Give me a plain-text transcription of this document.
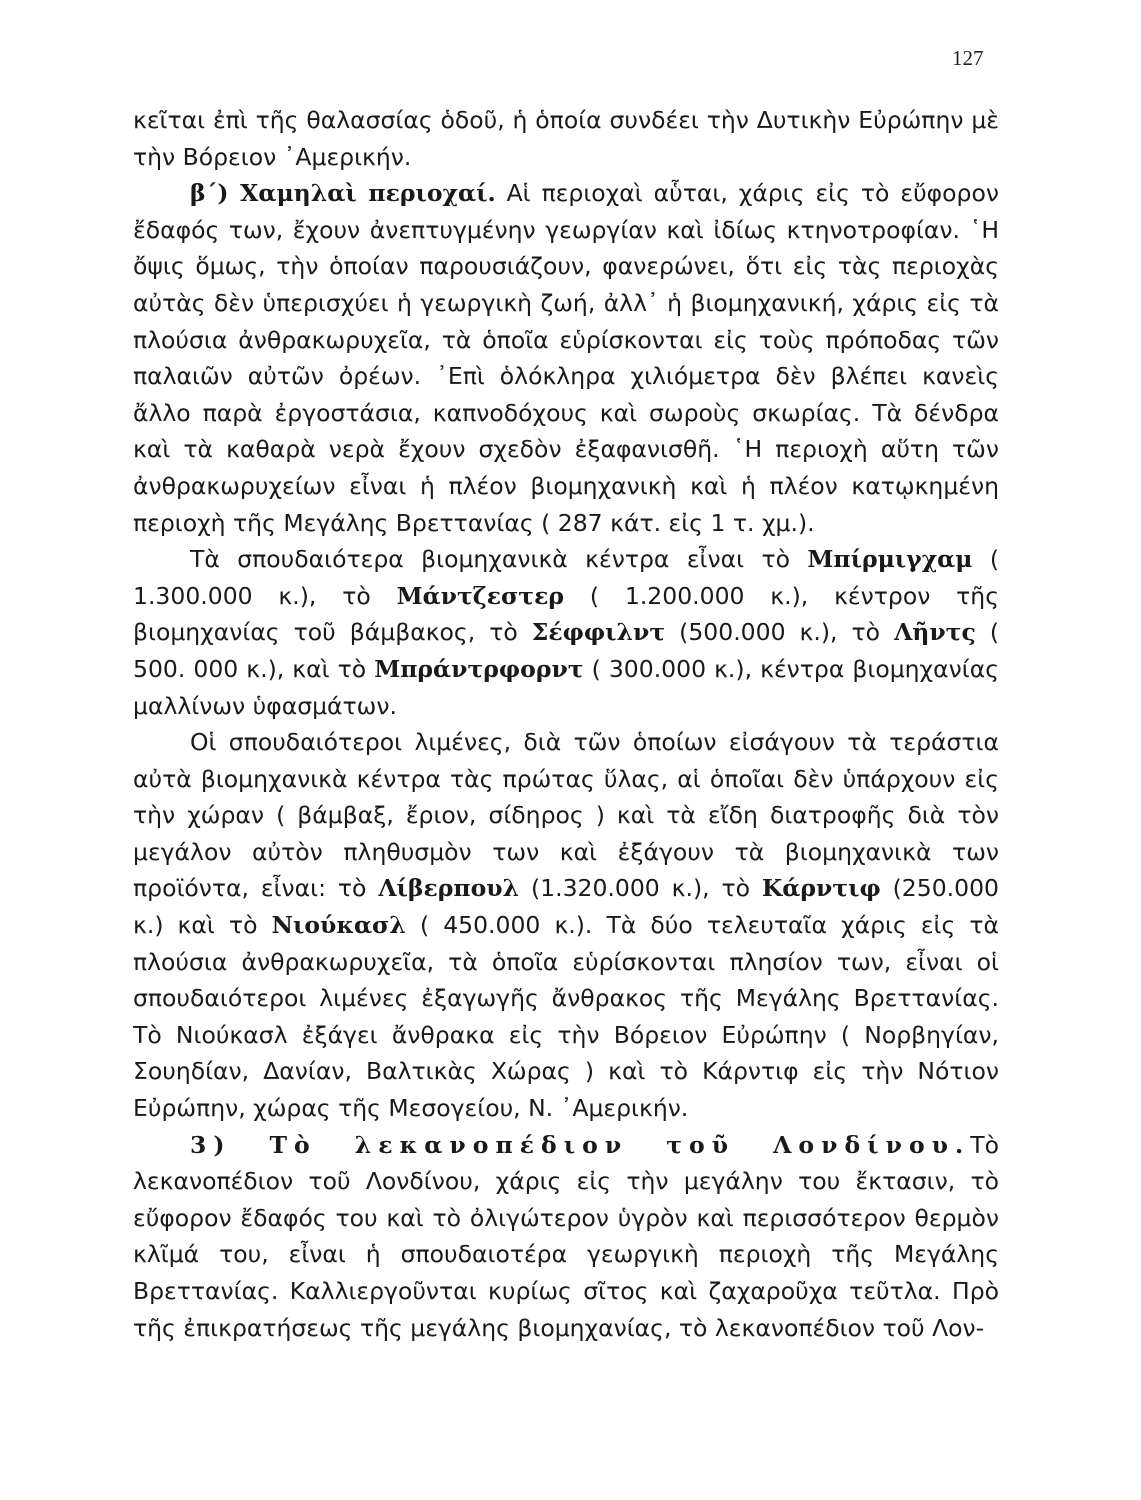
127

κεῖται ἐπὶ τῆς θαλασσίας ὁδοῦ, ἡ ὁποία συνδέει τὴν Δυτικὴν Εὐρώπην μὲ τὴν Βόρειον ᾿Αμερικήν.

β΄) Χαμηλαὶ περιοχαί. Αἱ περιοχαὶ αὗται, χάρις εἰς τὸ εὔφορον ἔδαφός των, ἔχουν ἀνεπτυγμένην γεωργίαν καὶ ἰδίως κτηνοτροφίαν. ῾Η ὄψις ὅμως, τὴν ὁποίαν παρουσιάζουν, φανερώνει, ὅτι εἰς τὰς περιοχὰς αὐτὰς δὲν ὑπερισχύει ἡ γεωργικὴ ζωή, ἀλλ᾿ ἡ βιομηχανική, χάρις εἰς τὰ πλούσια ἀνθρακωρυχεῖα, τὰ ὁποῖα εὑρίσκονται εἰς τοὺς πρόποδας τῶν παλαιῶν αὐτῶν ὀρέων. ᾿Επὶ ὁλόκληρα χιλιόμετρα δὲν βλέπει κανεὶς ἄλλο παρὰ ἐργοστάσια, καπνοδόχους καὶ σωροὺς σκωρίας. Τὰ δένδρα καὶ τὰ καθαρὰ νερὰ ἔχουν σχεδὸν ἐξαφανισθῆ. ῾Η περιοχὴ αὕτη τῶν ἀνθρακωρυχείων εἶναι ἡ πλέον βιομηχανικὴ καὶ ἡ πλέον κατῳκημένη περιοχὴ τῆς Μεγάλης Βρεττανίας ( 287 κάτ. εἰς 1 τ. χμ.).

Τὰ σπουδαιότερα βιομηχανικὰ κέντρα εἶναι τὸ Μπίρμιγχαμ ( 1.300.000 κ.), τὸ Μάντζεστερ ( 1.200.000 κ.), κέντρον τῆς βιομηχανίας τοῦ βάμβακος, τὸ Σέφφιλντ (500.000 κ.), τὸ Λῆντς ( 500. 000 κ.), καὶ τὸ Μπράντρφορντ ( 300.000 κ.), κέντρα βιομηχανίας μαλλίνων ὑφασμάτων.

Οἱ σπουδαιότεροι λιμένες, διὰ τῶν ὁποίων εἰσάγουν τὰ τεράστια αὐτὰ βιομηχανικὰ κέντρα τὰς πρώτας ὕλας, αἱ ὁποῖαι δὲν ὑπάρχουν εἰς τὴν χώραν ( βάμβαξ, ἔριον, σίδηρος ) καὶ τὰ εἴδη διατροφῆς διὰ τὸν μεγάλον αὐτὸν πληθυσμὸν των καὶ ἐξάγουν τὰ βιομηχανικὰ των προϊόντα, εἶναι: τὸ Λίβερπουλ (1.320.000 κ.), τὸ Κάρντιφ (250.000 κ.) καὶ τὸ Νιούκασλ ( 450.000 κ.). Τὰ δύο τελευταῖα χάρις εἰς τὰ πλούσια ἀνθρακωρυχεῖα, τὰ ὁποῖα εὑρίσκονται πλησίον των, εἶναι οἱ σπουδαιότεροι λιμένες ἐξαγωγῆς ἄνθρακος τῆς Μεγάλης Βρεττανίας. Τὸ Νιούκασλ ἐξάγει ἄνθρακα εἰς τὴν Βόρειον Εὐρώπην ( Νορβηγίαν, Σουηδίαν, Δανίαν, Βαλτικὰς Χώρας ) καὶ τὸ Κάρντιφ εἰς τὴν Νότιον Εὐρώπην, χώρας τῆς Μεσογείου, Ν. ᾿Αμερικήν.

3) Τὸ λεκανοπέδιον τοῦ Λονδίνου.Τὸ λεκανοπέδιον τοῦ Λονδίνου, χάρις εἰς τὴν μεγάλην του ἔκτασιν, τὸ εὔφορον ἔδαφός του καὶ τὸ ὀλιγώτερον ὑγρὸν καὶ περισσότερον θερμὸν κλῖμά του, εἶναι ἡ σπουδαιοτέρα γεωργικὴ περιοχὴ τῆς Μεγάλης Βρεττανίας. Καλλιεργοῦνται κυρίως σῖτος καὶ ζαχαροῦχα τεῦτλα. Πρὸ τῆς ἐπικρατήσεως τῆς μεγάλης βιομηχανίας, τὸ λεκανοπέδιον τοῦ Λον-
